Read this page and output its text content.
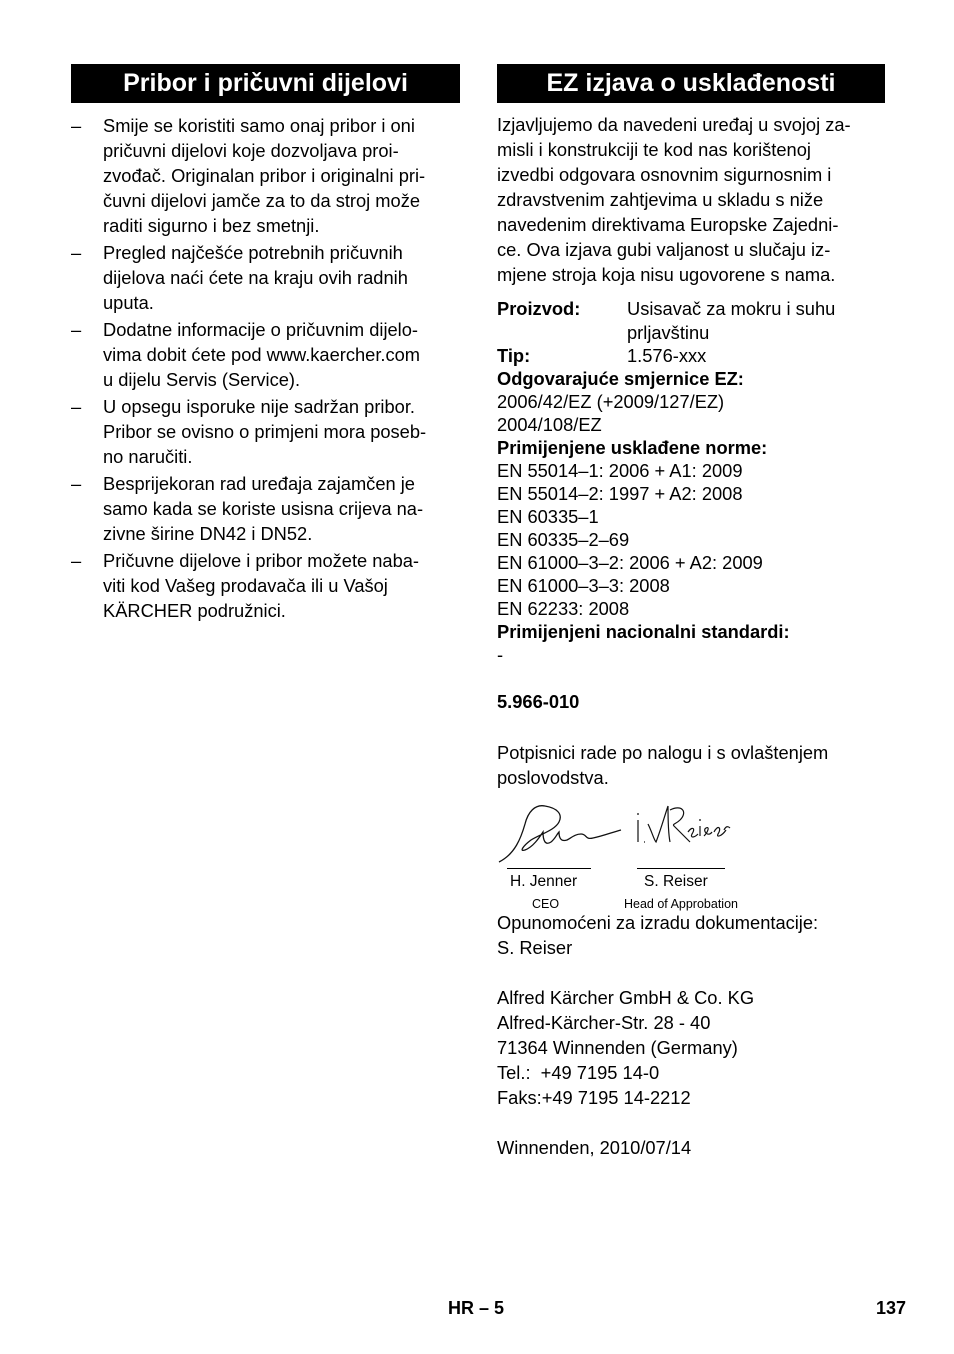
Pribor i pričuvni dijelovi
– Smije se koristiti samo onaj pribor i oni
pričuvni dijelovi koje dozvoljava proi-
zvođač. Originalan pribor i originalni pri-
čuvni dijelovi jamče za to da stroj može
raditi sigurno i bez smetnji.
– Pregled najčešće potrebnih pričuvnih
dijelova naći ćete na kraju ovih radnih
uputa.
– Dodatne informacije o pričuvnim dijelo-
vima dobit ćete pod www.kaercher.com
u dijelu Servis (Service).
– U opsegu isporuke nije sadržan pribor.
Pribor se ovisno o primjeni mora poseb-
no naručiti.
– Besprijekoran rad uređaja zajamčen je
samo kada se koriste usisna crijeva na-
zivne širine DN42 i DN52.
– Pričuvne dijelove i pribor možete naba-
viti kod Vašeg prodavača ili u Vašoj
KÄRCHER podružnici.
EZ izjava o usklađenosti
Izjavljujemo da navedeni uređaj u svojoj za-
misli i konstrukciji te kod nas korištenoj
izvedbi odgovara osnovnim sigurnosnim i
zdravstvenim zahtjevima u skladu s niže
navedenim direktivama Europske Zajedni-
ce. Ova izjava gubi valjanost u slučaju iz-
mjene stroja koja nisu ugovorene s nama.
Proizvod:	Usisavač za mokru i suhu
prljavštinu
Tip:	1.576-xxx
Odgovarajuće smjernice EZ:
2006/42/EZ (+2009/127/EZ)
2004/108/EZ
Primijenjene usklađene norme:
EN 55014–1: 2006 + A1: 2009
EN 55014–2: 1997 + A2: 2008
EN 60335–1
EN 60335–2–69
EN 61000–3–2: 2006 + A2: 2009
EN 61000–3–3: 2008
EN 62233: 2008
Primijenjeni nacionalni standardi:
-
5.966-010
Potpisnici rade po nalogu i s ovlaštenjem
poslovodstva.
H. Jenner	S. Reiser
CEO	Head of Approbation
Opunomoćeni za izradu dokumentacije:
S. Reiser
Alfred Kärcher GmbH & Co. KG
Alfred-Kärcher-Str. 28 - 40
71364 Winnenden (Germany)
Tel.:  +49 7195 14-0
Faks:+49 7195 14-2212
Winnenden, 2010/07/14
HR – 5	137
